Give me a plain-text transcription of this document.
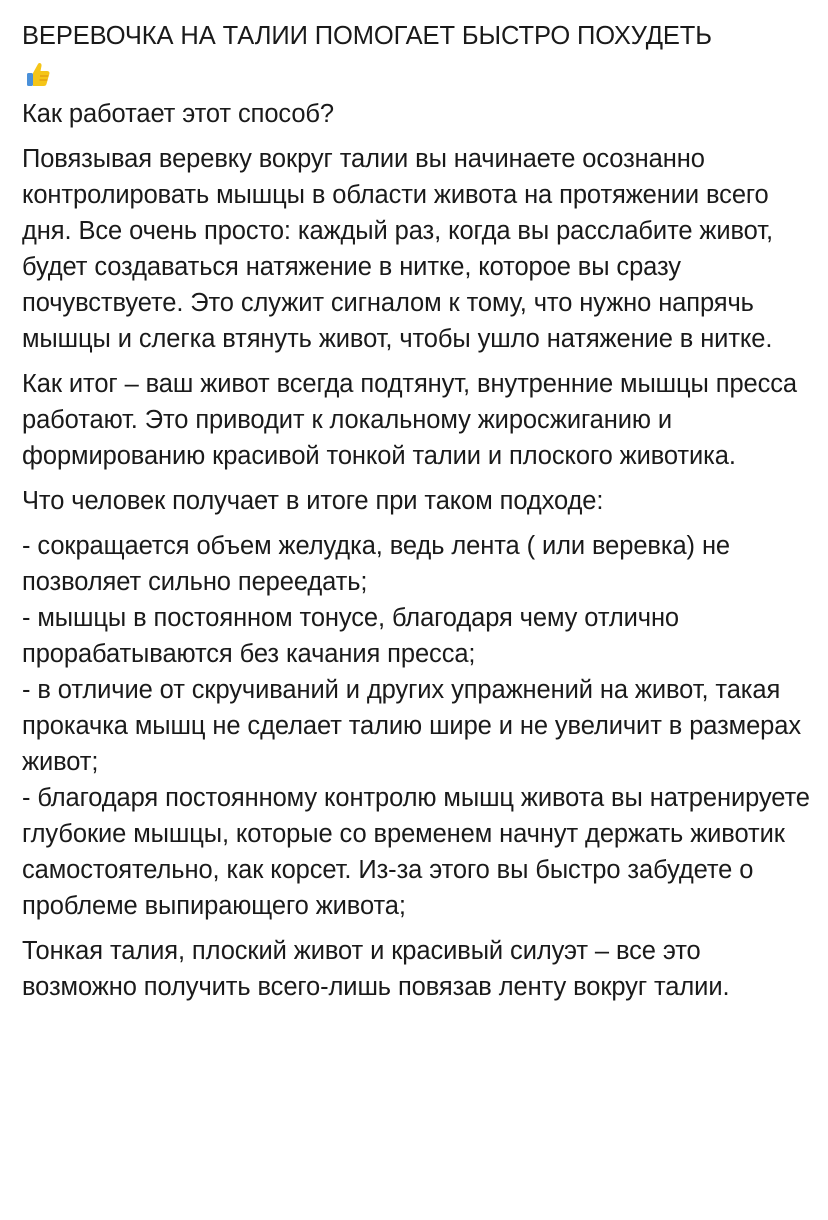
ВЕРЕВОЧКА НА ТАЛИИ ПОМОГАЕТ БЫСТРО ПОХУДЕТЬ

Как работает этот способ?

Повязывая веревку вокруг талии вы начинаете осознанно контролировать мышцы в области живота на протяжении всего дня. Все очень просто: каждый раз, когда вы расслабите живот, будет создаваться натяжение в нитке, которое вы сразу почувствуете. Это служит сигналом к тому, что нужно напрячь мышцы и слегка втянуть живот, чтобы ушло натяжение в нитке.

Как итог – ваш живот всегда подтянут, внутренние мышцы пресса работают. Это приводит к локальному жиросжиганию и формированию красивой тонкой талии и плоского животика.

Что человек получает в итоге при таком подходе:

- сокращается объем желудка, ведь лента ( или веревка) не позволяет сильно переедать;
- мышцы в постоянном тонусе, благодаря чему отлично прорабатываются без качания пресса;
- в отличие от скручиваний и других упражнений на живот, такая прокачка мышц не сделает талию шире и не увеличит в размерах живот;
- благодаря постоянному контролю мышц живота вы натренируете глубокие мышцы, которые со временем начнут держать животик самостоятельно, как корсет. Из-за этого вы быстро забудете о проблеме выпирающего живота;

Тонкая талия, плоский живот и красивый силуэт – все это возможно получить всего-лишь повязав ленту вокруг талии.
